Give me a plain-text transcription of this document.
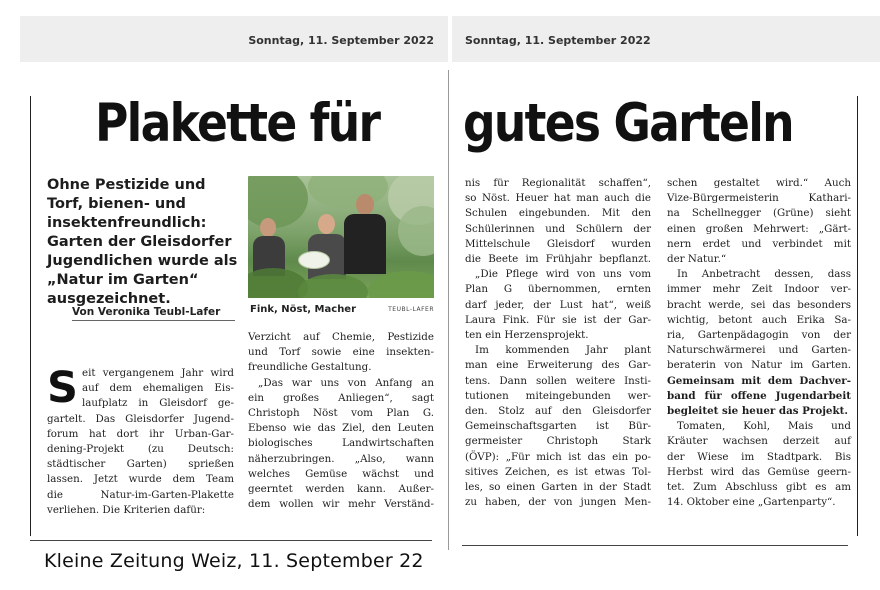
Sonntag, 11. September 2022	Sonntag, 11. September 2022
Plakette für gutes Garteln
Ohne Pestizide und Torf, bienen- und insektenfreundlich: Garten der Gleisdorfer Jugendlichen wurde als „Natur im Garten“ ausgezeichnet.
Von Veronika Teubl-Lafer	Fink, Nöst, Macher	TEUBL-LAFER
S eit vergangenem Jahr wird
auf dem ehemaligen Eis-
laufplatz in Gleisdorf ge-
gartelt. Das Gleisdorfer Jugend-
forum hat dort ihr Urban-Gar-
dening-Projekt (zu Deutsch:
städtischer Garten) sprießen
lassen. Jetzt wurde dem Team
die Natur-im-Garten-Plakette
verliehen. Die Kriterien dafür:
Verzicht auf Chemie, Pestizide
und Torf sowie eine insekten-
freundliche Gestaltung.
„Das war uns von Anfang an
ein großes Anliegen“, sagt
Christoph Nöst vom Plan G.
Ebenso wie das Ziel, den Leuten
biologisches Landwirtschaften
näherzubringen. „Also, wann
welches Gemüse wächst und
geerntet werden kann. Außer-
dem wollen wir mehr Verständ-
nis für Regionalität schaffen“,
so Nöst. Heuer hat man auch die
Schulen eingebunden. Mit den
Schülerinnen und Schülern der
Mittelschule Gleisdorf wurden
die Beete im Frühjahr bepflanzt.
„Die Pflege wird von uns vom
Plan G übernommen, ernten
darf jeder, der Lust hat“, weiß
Laura Fink. Für sie ist der Gar-
ten ein Herzensprojekt.
Im kommenden Jahr plant
man eine Erweiterung des Gar-
tens. Dann sollen weitere Insti-
tutionen miteingebunden wer-
den. Stolz auf den Gleisdorfer
Gemeinschaftsgarten ist Bür-
germeister Christoph Stark
(ÖVP): „Für mich ist das ein po-
sitives Zeichen, es ist etwas Tol-
les, so einen Garten in der Stadt
zu haben, der von jungen Men-
schen gestaltet wird.“ Auch
Vize-Bürgermeisterin Kathari-
na Schellnegger (Grüne) sieht
einen großen Mehrwert: „Gärt-
nern erdet und verbindet mit
der Natur.“
In Anbetracht dessen, dass
immer mehr Zeit Indoor ver-
bracht werde, sei das besonders
wichtig, betont auch Erika Sa-
ria, Gartenpädagogin von der
Naturschwärmerei und Garten-
beraterin von Natur im Garten.
Gemeinsam mit dem Dachver-
band für offene Jugendarbeit
begleitet sie heuer das Projekt.
Tomaten, Kohl, Mais und
Kräuter wachsen derzeit auf
der Wiese im Stadtpark. Bis
Herbst wird das Gemüse geern-
tet. Zum Abschluss gibt es am
14. Oktober eine „Gartenparty“.
Kleine Zeitung Weiz, 11. September 22
